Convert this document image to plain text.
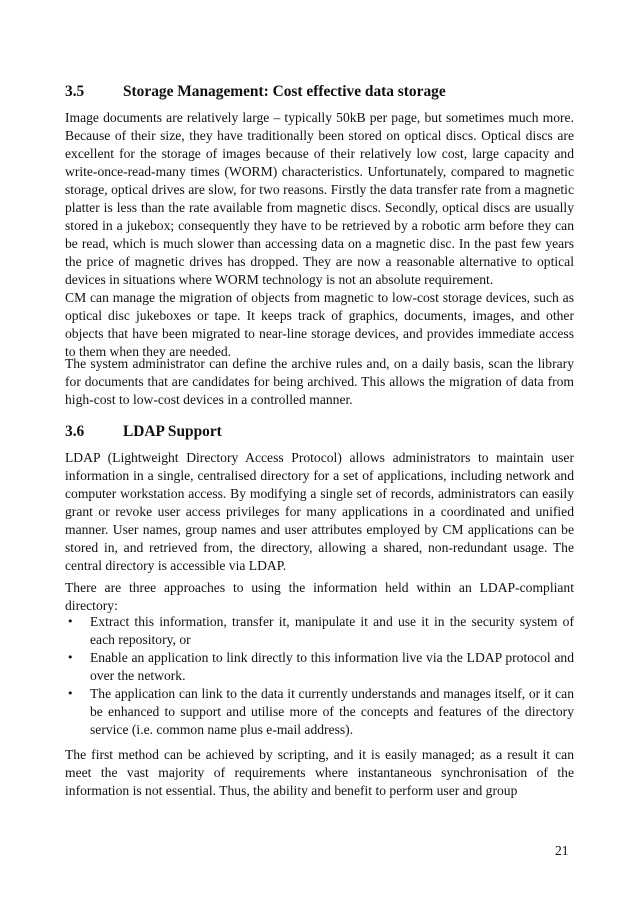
3.5	Storage Management: Cost effective data storage
Image documents are relatively large – typically 50kB per page, but sometimes much more. Because of their size, they have traditionally been stored on optical discs. Optical discs are excellent for the storage of images because of their relatively low cost, large capacity and write-once-read-many times (WORM) characteristics. Unfortunately, compared to magnetic storage, optical drives are slow, for two reasons. Firstly the data transfer rate from a magnetic platter is less than the rate available from magnetic discs. Secondly, optical discs are usually stored in a jukebox; consequently they have to be retrieved by a robotic arm before they can be read, which is much slower than accessing data on a magnetic disc. In the past few years the price of magnetic drives has dropped. They are now a reasonable alternative to optical devices in situations where WORM technology is not an absolute requirement.
CM can manage the migration of objects from magnetic to low-cost storage devices, such as optical disc jukeboxes or tape. It keeps track of graphics, documents, images, and other objects that have been migrated to near-line storage devices, and provides immediate access to them when they are needed.
The system administrator can define the archive rules and, on a daily basis, scan the library for documents that are candidates for being archived. This allows the migration of data from high-cost to low-cost devices in a controlled manner.
3.6	LDAP Support
LDAP (Lightweight Directory Access Protocol) allows administrators to maintain user information in a single, centralised directory for a set of applications, including network and computer workstation access. By modifying a single set of records, administrators can easily grant or revoke user access privileges for many applications in a coordinated and unified manner. User names, group names and user attributes employed by CM applications can be stored in, and retrieved from, the directory, allowing a shared, non-redundant usage. The central directory is accessible via LDAP.
There are three approaches to using the information held within an LDAP-compliant directory:
• Extract this information, transfer it, manipulate it and use it in the security system of each repository, or
• Enable an application to link directly to this information live via the LDAP protocol and over the network.
• The application can link to the data it currently understands and manages itself, or it can be enhanced to support and utilise more of the concepts and features of the directory service (i.e. common name plus e-mail address).
The first method can be achieved by scripting, and it is easily managed; as a result it can meet the vast majority of requirements where instantaneous synchronisation of the information is not essential. Thus, the ability and benefit to perform user and group
21
